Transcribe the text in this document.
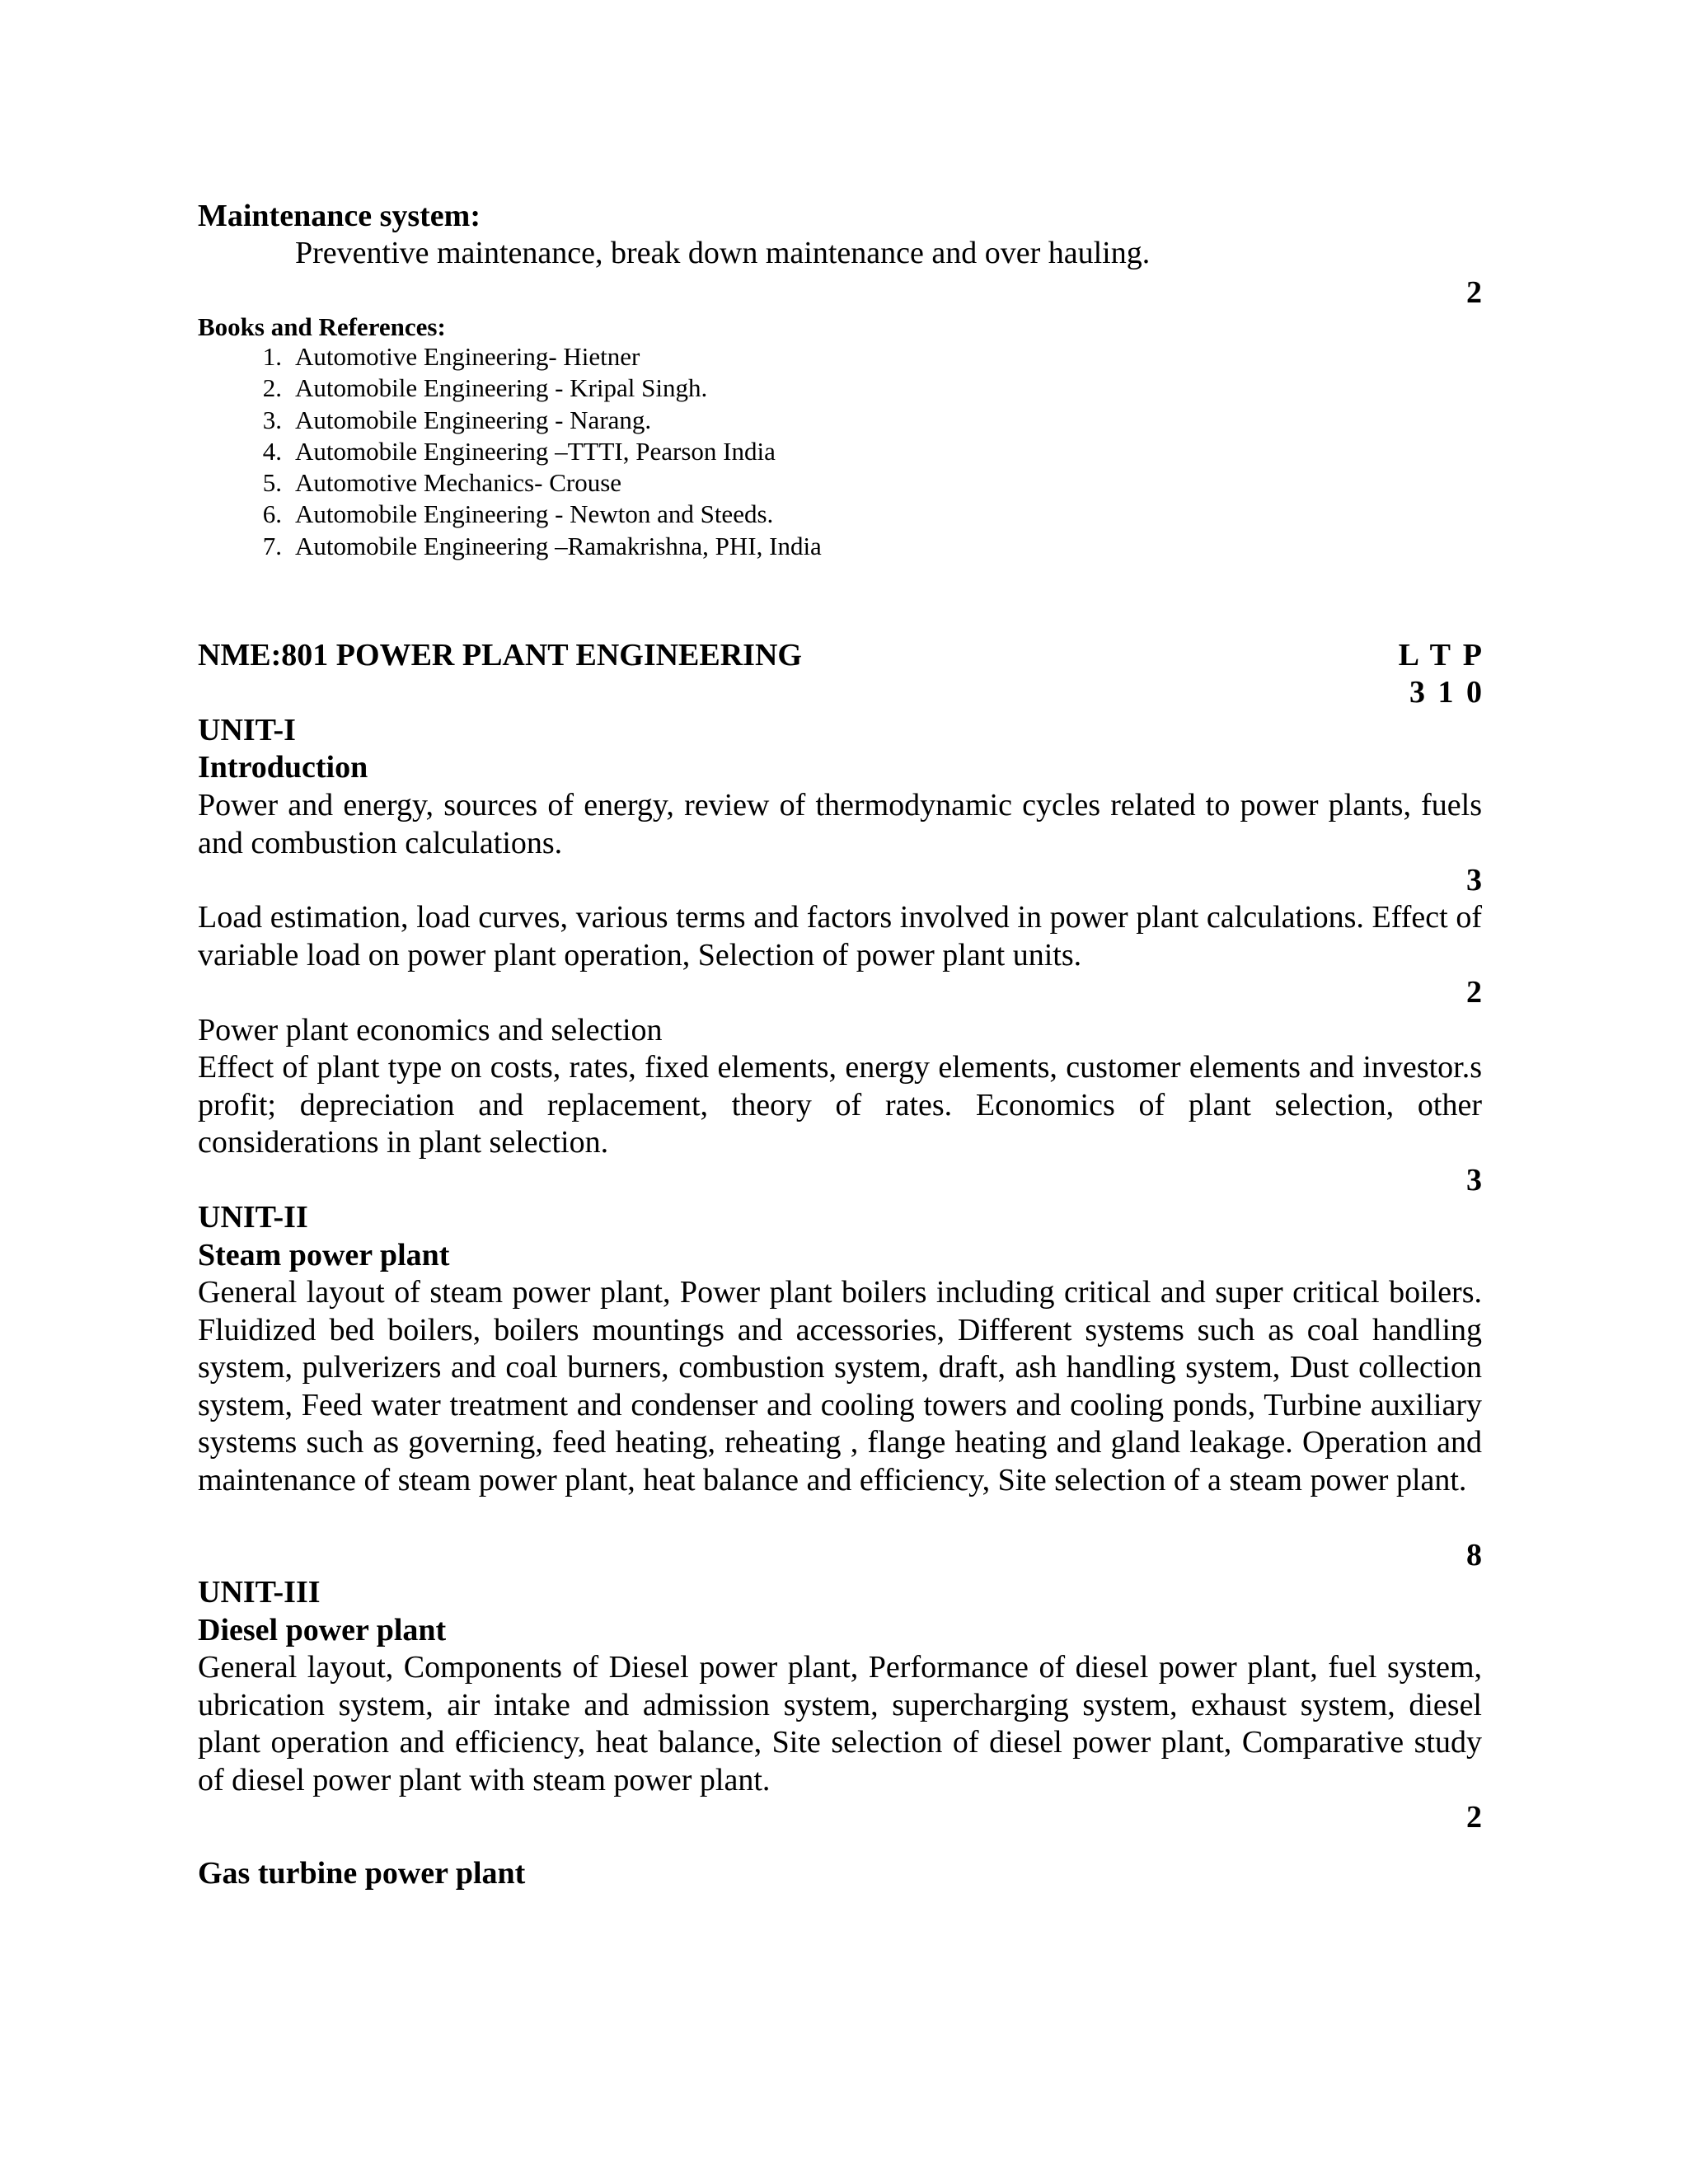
Maintenance system:
Preventive maintenance, break down maintenance and over hauling.
2
Books and References:
1. Automotive Engineering- Hietner
2. Automobile Engineering - Kripal Singh.
3. Automobile Engineering - Narang.
4. Automobile Engineering –TTTI, Pearson India
5. Automotive Mechanics- Crouse
6. Automobile Engineering - Newton and Steeds.
7. Automobile Engineering –Ramakrishna, PHI, India
NME:801 POWER PLANT ENGINEERING	L T P
3 1 0
UNIT-I
Introduction
Power and energy, sources of energy, review of thermodynamic cycles related to power plants, fuels and combustion calculations.
3
Load estimation, load curves, various terms and factors involved in power plant calculations. Effect of variable load on power plant operation, Selection of power plant units.
2
Power plant economics and selection
Effect of plant type on costs, rates, fixed elements, energy elements, customer elements and investor.s profit; depreciation and replacement, theory of rates. Economics of plant selection, other considerations in plant selection.
3
UNIT-II
Steam power plant
General layout of steam power plant, Power plant boilers including critical and super critical boilers. Fluidized bed boilers, boilers mountings and accessories, Different systems such as coal handling system, pulverizers and coal burners, combustion system, draft, ash handling system, Dust collection system, Feed water treatment and condenser and cooling towers and cooling ponds, Turbine auxiliary systems such as governing, feed heating, reheating , flange heating and gland leakage. Operation and maintenance of steam power plant, heat balance and efficiency, Site selection of a steam power plant.
8
UNIT-III
Diesel power plant
General layout, Components of Diesel power plant, Performance of diesel power plant, fuel system, ubrication system, air intake and admission system, supercharging system, exhaust system, diesel plant operation and efficiency, heat balance, Site selection of diesel power plant, Comparative study of diesel power plant with steam power plant.
2
Gas turbine power plant
